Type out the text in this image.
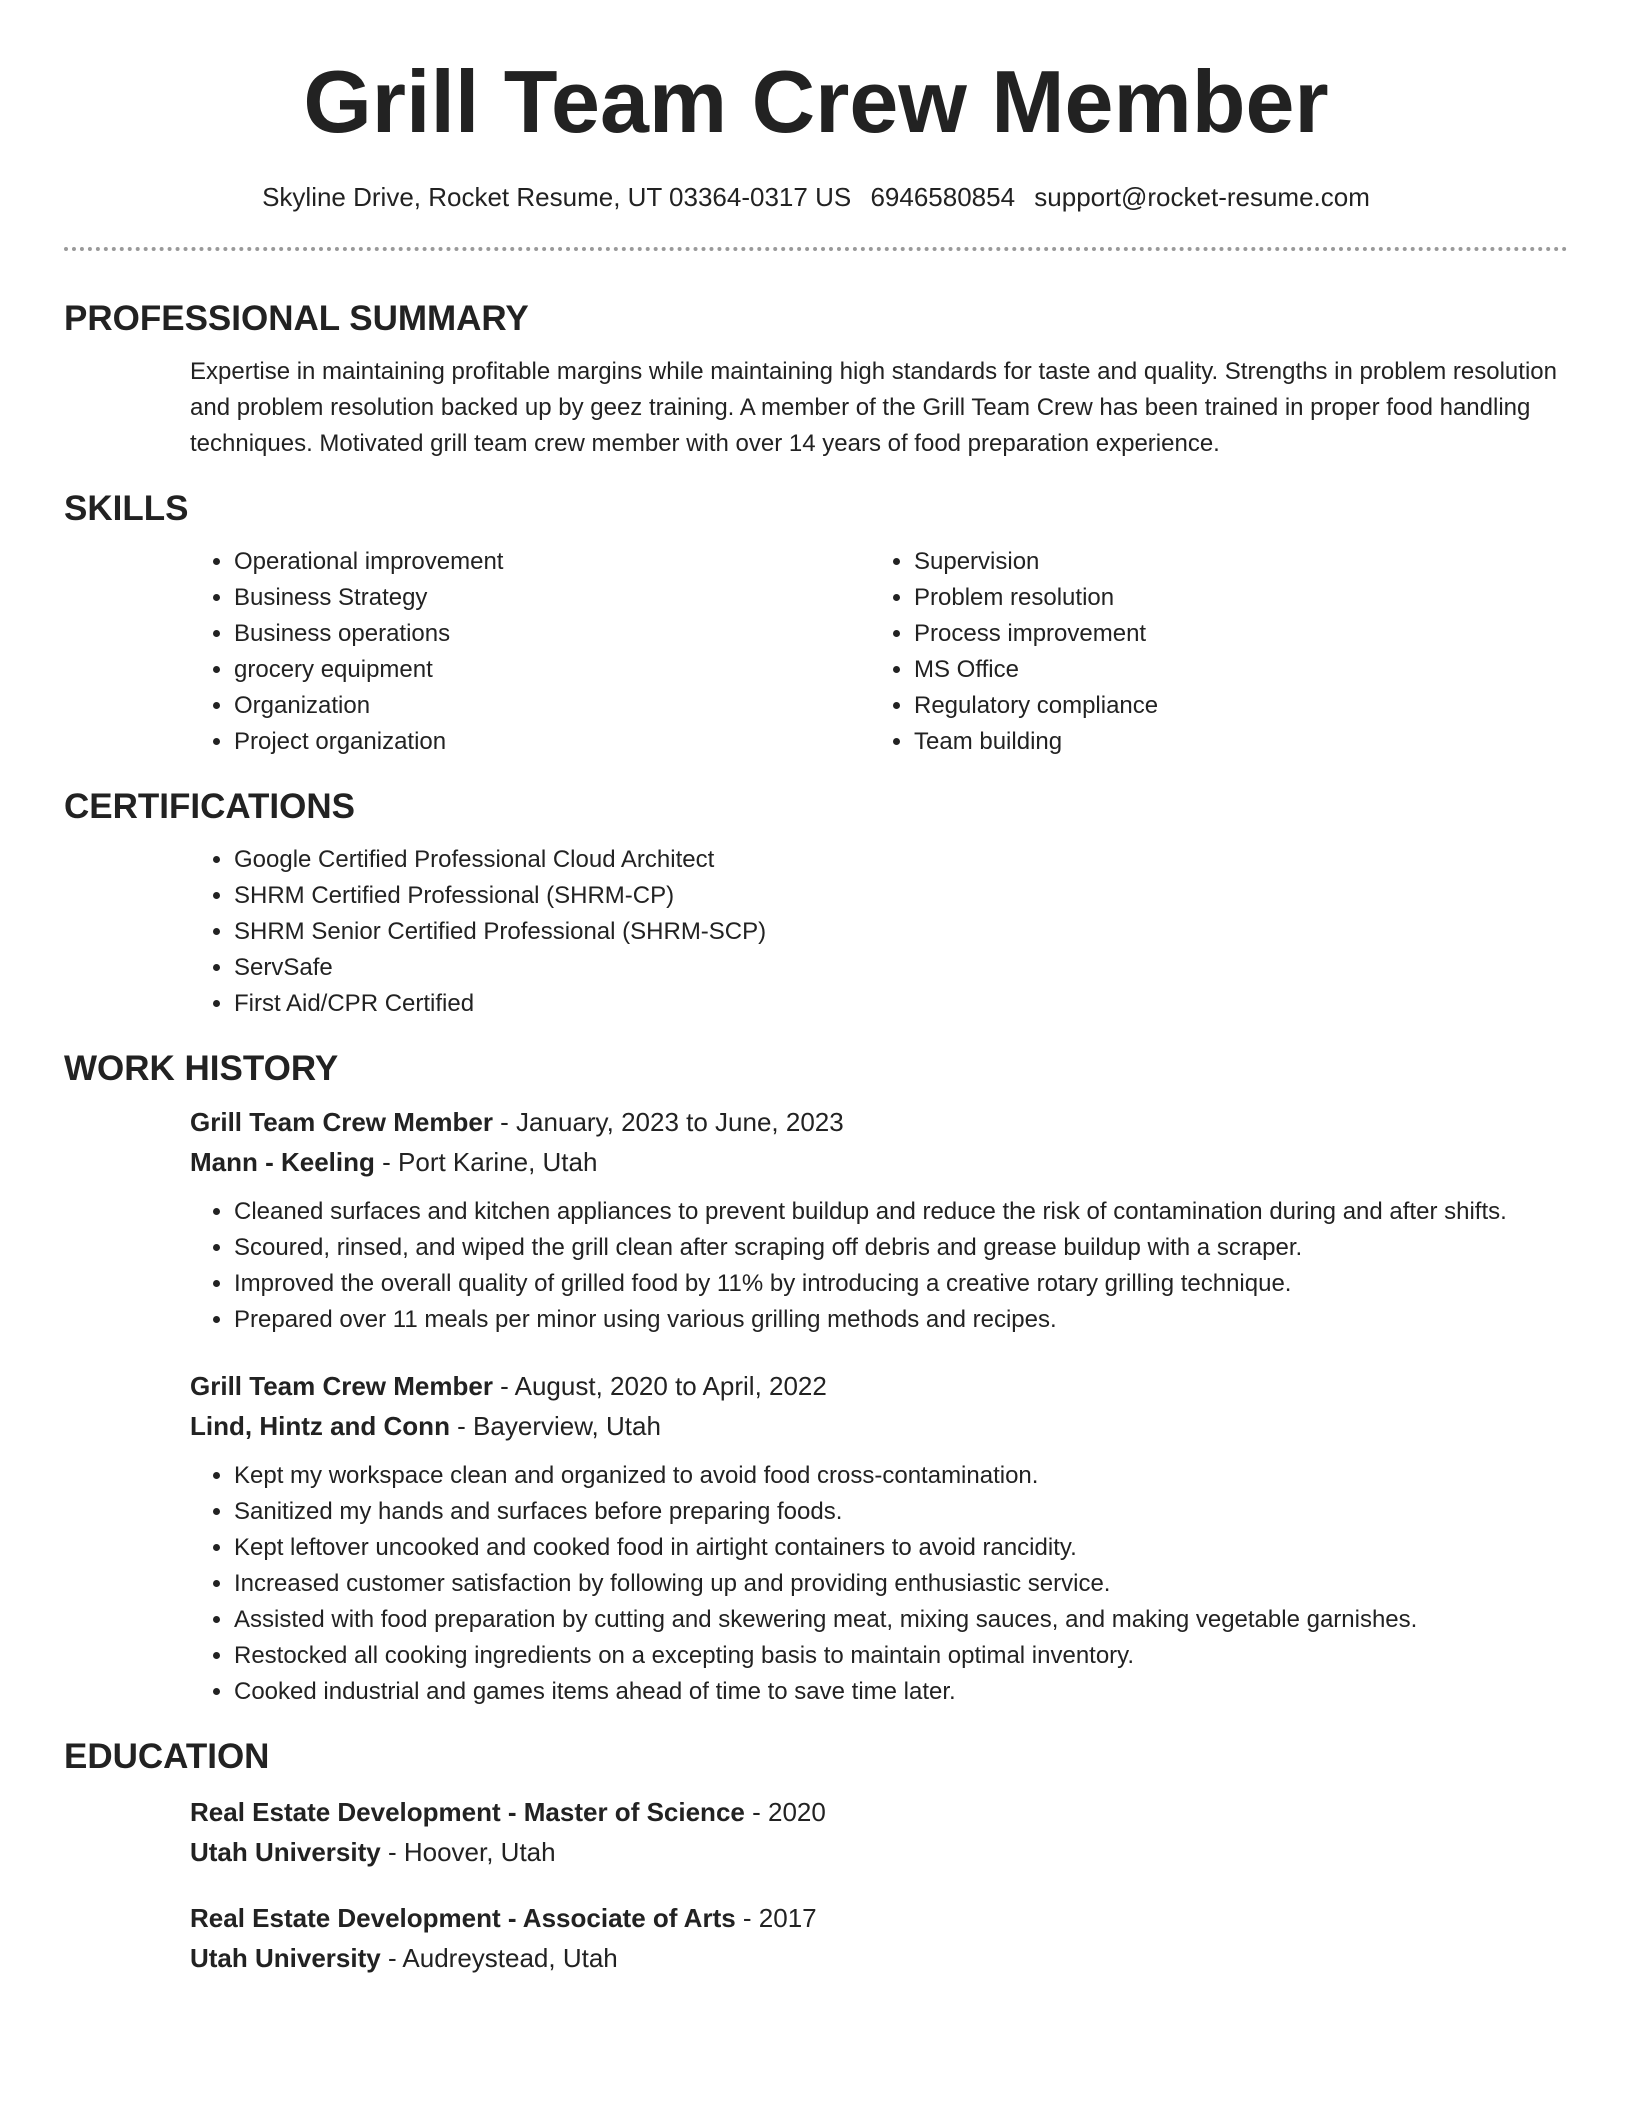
Grill Team Crew Member
Skyline Drive, Rocket Resume, UT 03364-0317 US 6946580854 support@rocket-resume.com
PROFESSIONAL SUMMARY

Expertise in maintaining profitable margins while maintaining high standards for taste and quality. Strengths in problem resolution and problem resolution backed up by geez training. A member of the Grill Team Crew has been trained in proper food handling techniques. Motivated grill team crew member with over 14 years of food preparation experience.

SKILLS
• Operational improvement
• Business Strategy
• Business operations
• grocery equipment
• Organization
• Project organization
• Supervision
• Problem resolution
• Process improvement
• MS Office
• Regulatory compliance
• Team building
CERTIFICATIONS
• Google Certified Professional Cloud Architect
• SHRM Certified Professional (SHRM-CP)
• SHRM Senior Certified Professional (SHRM-SCP)
• ServSafe
• First Aid/CPR Certified
WORK HISTORY
Grill Team Crew Member - January, 2023 to June, 2023
Mann - Keeling - Port Karine, Utah
• Cleaned surfaces and kitchen appliances to prevent buildup and reduce the risk of contamination during and after shifts.
• Scoured, rinsed, and wiped the grill clean after scraping off debris and grease buildup with a scraper.
• Improved the overall quality of grilled food by 11% by introducing a creative rotary grilling technique.
• Prepared over 11 meals per minor using various grilling methods and recipes.
Grill Team Crew Member - August, 2020 to April, 2022
Lind, Hintz and Conn - Bayerview, Utah
• Kept my workspace clean and organized to avoid food cross-contamination.
• Sanitized my hands and surfaces before preparing foods.
• Kept leftover uncooked and cooked food in airtight containers to avoid rancidity.
• Increased customer satisfaction by following up and providing enthusiastic service.
• Assisted with food preparation by cutting and skewering meat, mixing sauces, and making vegetable garnishes.
• Restocked all cooking ingredients on a excepting basis to maintain optimal inventory.
• Cooked industrial and games items ahead of time to save time later.
EDUCATION
Real Estate Development - Master of Science - 2020
Utah University - Hoover, Utah
Real Estate Development - Associate of Arts - 2017
Utah University - Audreystead, Utah
